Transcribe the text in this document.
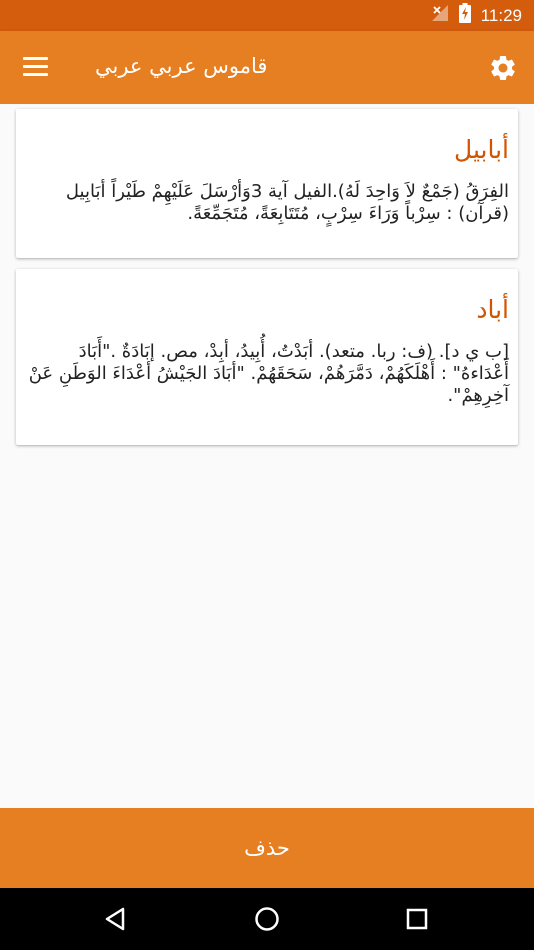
11:29
قاموس عربي عربي
أبابيل
الفِرَقُ (جَمْعٌ لاَ وَاحِدَ لَهُ).الفيل آية 3وَأرْسَلَ عَلَيْهِمْ طَيْراً أبَابِيل (قرآن) : سِرْباً وَرَاءَ سِرْبٍ، مُتَتَابِعَةً، مُتَجَمِّعَةً.
أباد
[ب ي د]. (ف: ربا. متعد). أبَدْتُ، أُبِيدُ، أبِدْ، مص. إبَادَةٌ ."أَبَادَ أَعْدَاءهُ" : أَهْلَكَهُمْ، دَمَّرَهُمْ، سَحَقَهُمْ. "أبَادَ الجَيْشُ أعْدَاءَ الوَطَنِ عَنْ آخِرِهِمْ".
حذف
